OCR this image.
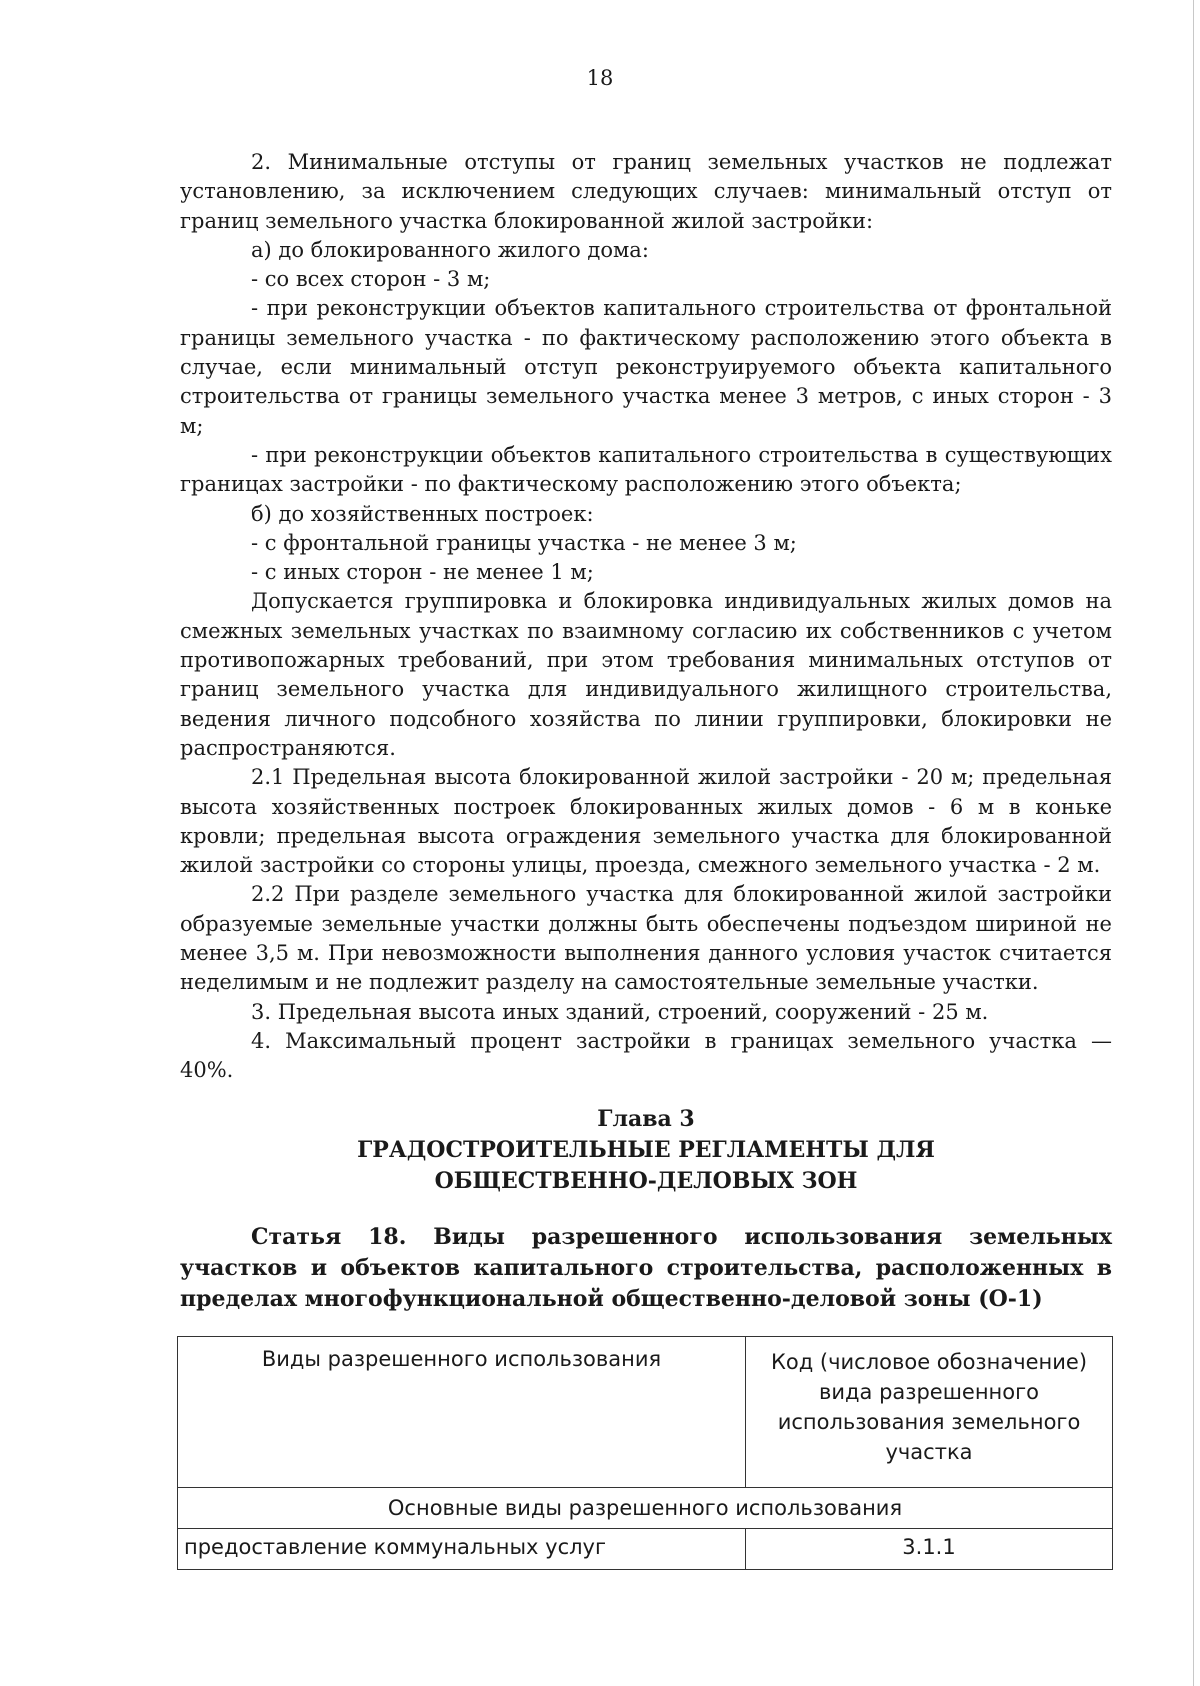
18

2. Минимальные отступы от границ земельных участков не подлежат установлению, за исключением следующих случаев: минимальный отступ от границ земельного участка блокированной жилой застройки:

а) до блокированного жилого дома:

- со всех сторон - 3 м;

- при реконструкции объектов капитального строительства от фронтальной границы земельного участка - по фактическому расположению этого объекта в случае, если минимальный отступ реконструируемого объекта капитального строительства от границы земельного участка менее 3 метров, с иных сторон - 3 м;

- при реконструкции объектов капитального строительства в существующих границах застройки - по фактическому расположению этого объекта;

б) до хозяйственных построек:

- с фронтальной границы участка - не менее 3 м;

- с иных сторон - не менее 1 м;

Допускается группировка и блокировка индивидуальных жилых домов на смежных земельных участках по взаимному согласию их собственников с учетом противопожарных требований, при этом требования минимальных отступов от границ земельного участка для индивидуального жилищного строительства, ведения личного подсобного хозяйства по линии группировки, блокировки не распространяются.

2.1 Предельная высота блокированной жилой застройки - 20 м; предельная высота хозяйственных построек блокированных жилых домов - 6 м в коньке кровли; предельная высота ограждения земельного участка для блокированной жилой застройки со стороны улицы, проезда, смежного земельного участка - 2 м.

2.2 При разделе земельного участка для блокированной жилой застройки образуемые земельные участки должны быть обеспечены подъездом шириной не менее 3,5 м. При невозможности выполнения данного условия участок считается неделимым и не подлежит разделу на самостоятельные земельные участки.

3. Предельная высота иных зданий, строений, сооружений - 25 м.

4. Максимальный процент застройки в границах земельного участка — 40%.

Глава 3
ГРАДОСТРОИТЕЛЬНЫЕ РЕГЛАМЕНТЫ ДЛЯ
ОБЩЕСТВЕННО-ДЕЛОВЫХ ЗОН

Статья 18. Виды разрешенного использования земельных участков и объектов капитального строительства, расположенных в пределах многофункциональной общественно-деловой зоны (О-1)

Виды разрешенного использования	Код (числовое обозначение)
вида разрешенного
использования земельного
участка

Основные виды разрешенного использования	
предоставление коммунальных услуг	3.1.1
